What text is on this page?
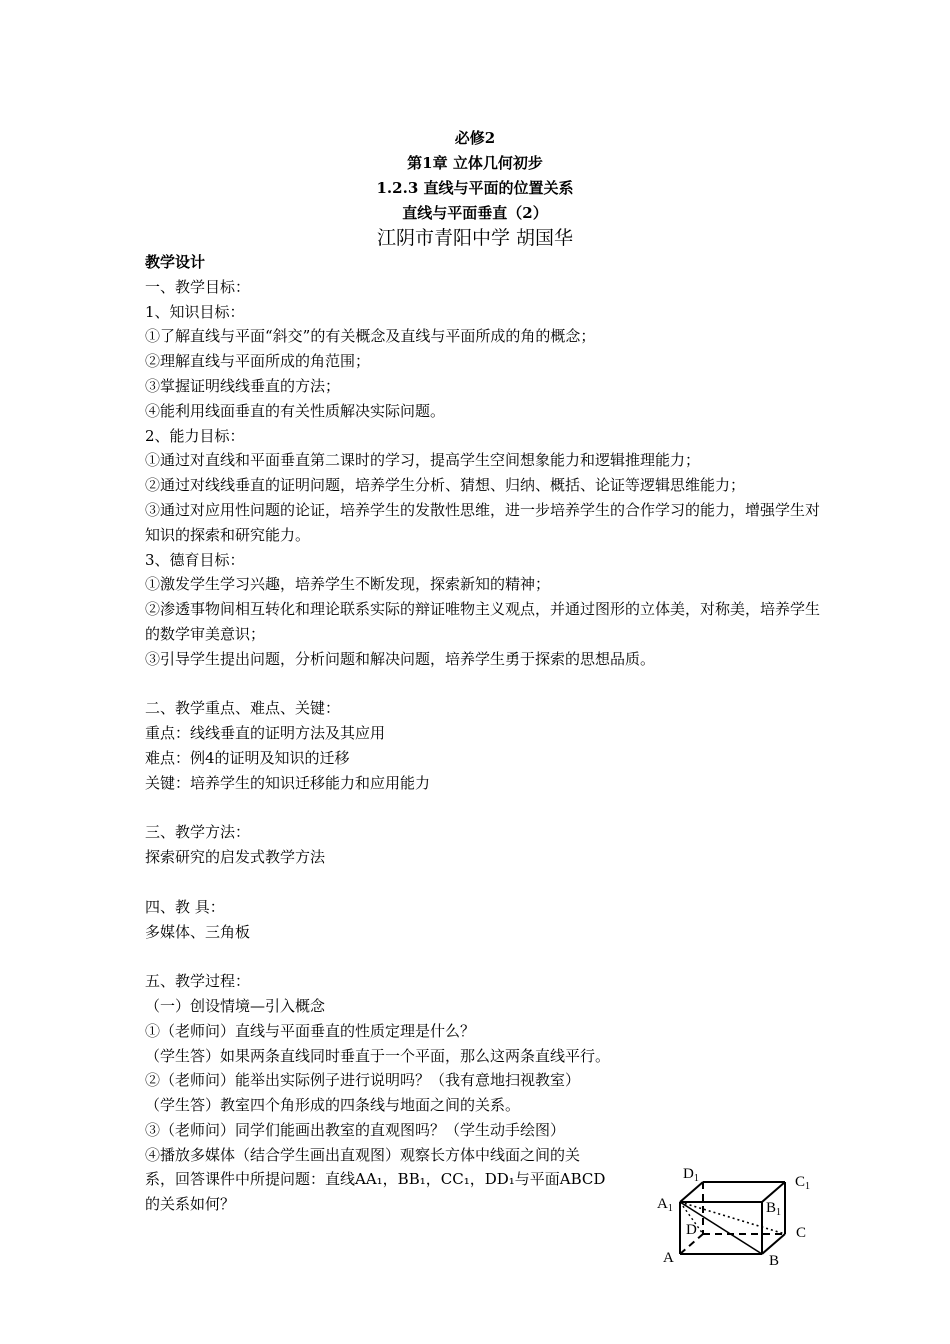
必修2
第1章 立体几何初步
1.2.3 直线与平面的位置关系
直线与平面垂直（2）
江阴市青阳中学 胡国华

教学设计

一、教学目标：

1、知识目标：

①了解直线与平面“斜交”的有关概念及直线与平面所成的角的概念；

②理解直线与平面所成的角范围；

③掌握证明线线垂直的方法；

④能利用线面垂直的有关性质解决实际问题。

2、能力目标：

①通过对直线和平面垂直第二课时的学习，提高学生空间想象能力和逻辑推理能力；

②通过对线线垂直的证明问题，培养学生分析、猜想、归纳、概括、论证等逻辑思维能力；

③通过对应用性问题的论证，培养学生的发散性思维，进一步培养学生的合作学习的能力，增强学生对知识的探索和研究能力。

3、德育目标：

①激发学生学习兴趣，培养学生不断发现，探索新知的精神；

②渗透事物间相互转化和理论联系实际的辩证唯物主义观点，并通过图形的立体美，对称美，培养学生的数学审美意识；

③引导学生提出问题，分析问题和解决问题，培养学生勇于探索的思想品质。

二、教学重点、难点、关键：

重点：线线垂直的证明方法及其应用

难点：例4的证明及知识的迁移

关键：培养学生的知识迁移能力和应用能力

三、教学方法：

探索研究的启发式教学方法

四、教 具：

多媒体、三角板

五、教学过程：

（一）创设情境—引入概念

①（老师问）直线与平面垂直的性质定理是什么？

（学生答）如果两条直线同时垂直于一个平面，那么这两条直线平行。

②（老师问）能举出实际例子进行说明吗？（我有意地扫视教室）

（学生答）教室四个角形成的四条线与地面之间的关系。

③（老师问）同学们能画出教室的直观图吗？（学生动手绘图）

④播放多媒体（结合学生画出直观图）观察长方体中线面之间的关

系，回答课件中所提问题：直线AA₁，BB₁，CC₁，DD₁与平面ABCD

的关系如何？

$D_1$	$C_1$
$A_1$	$B_1$
D	C
A	B
